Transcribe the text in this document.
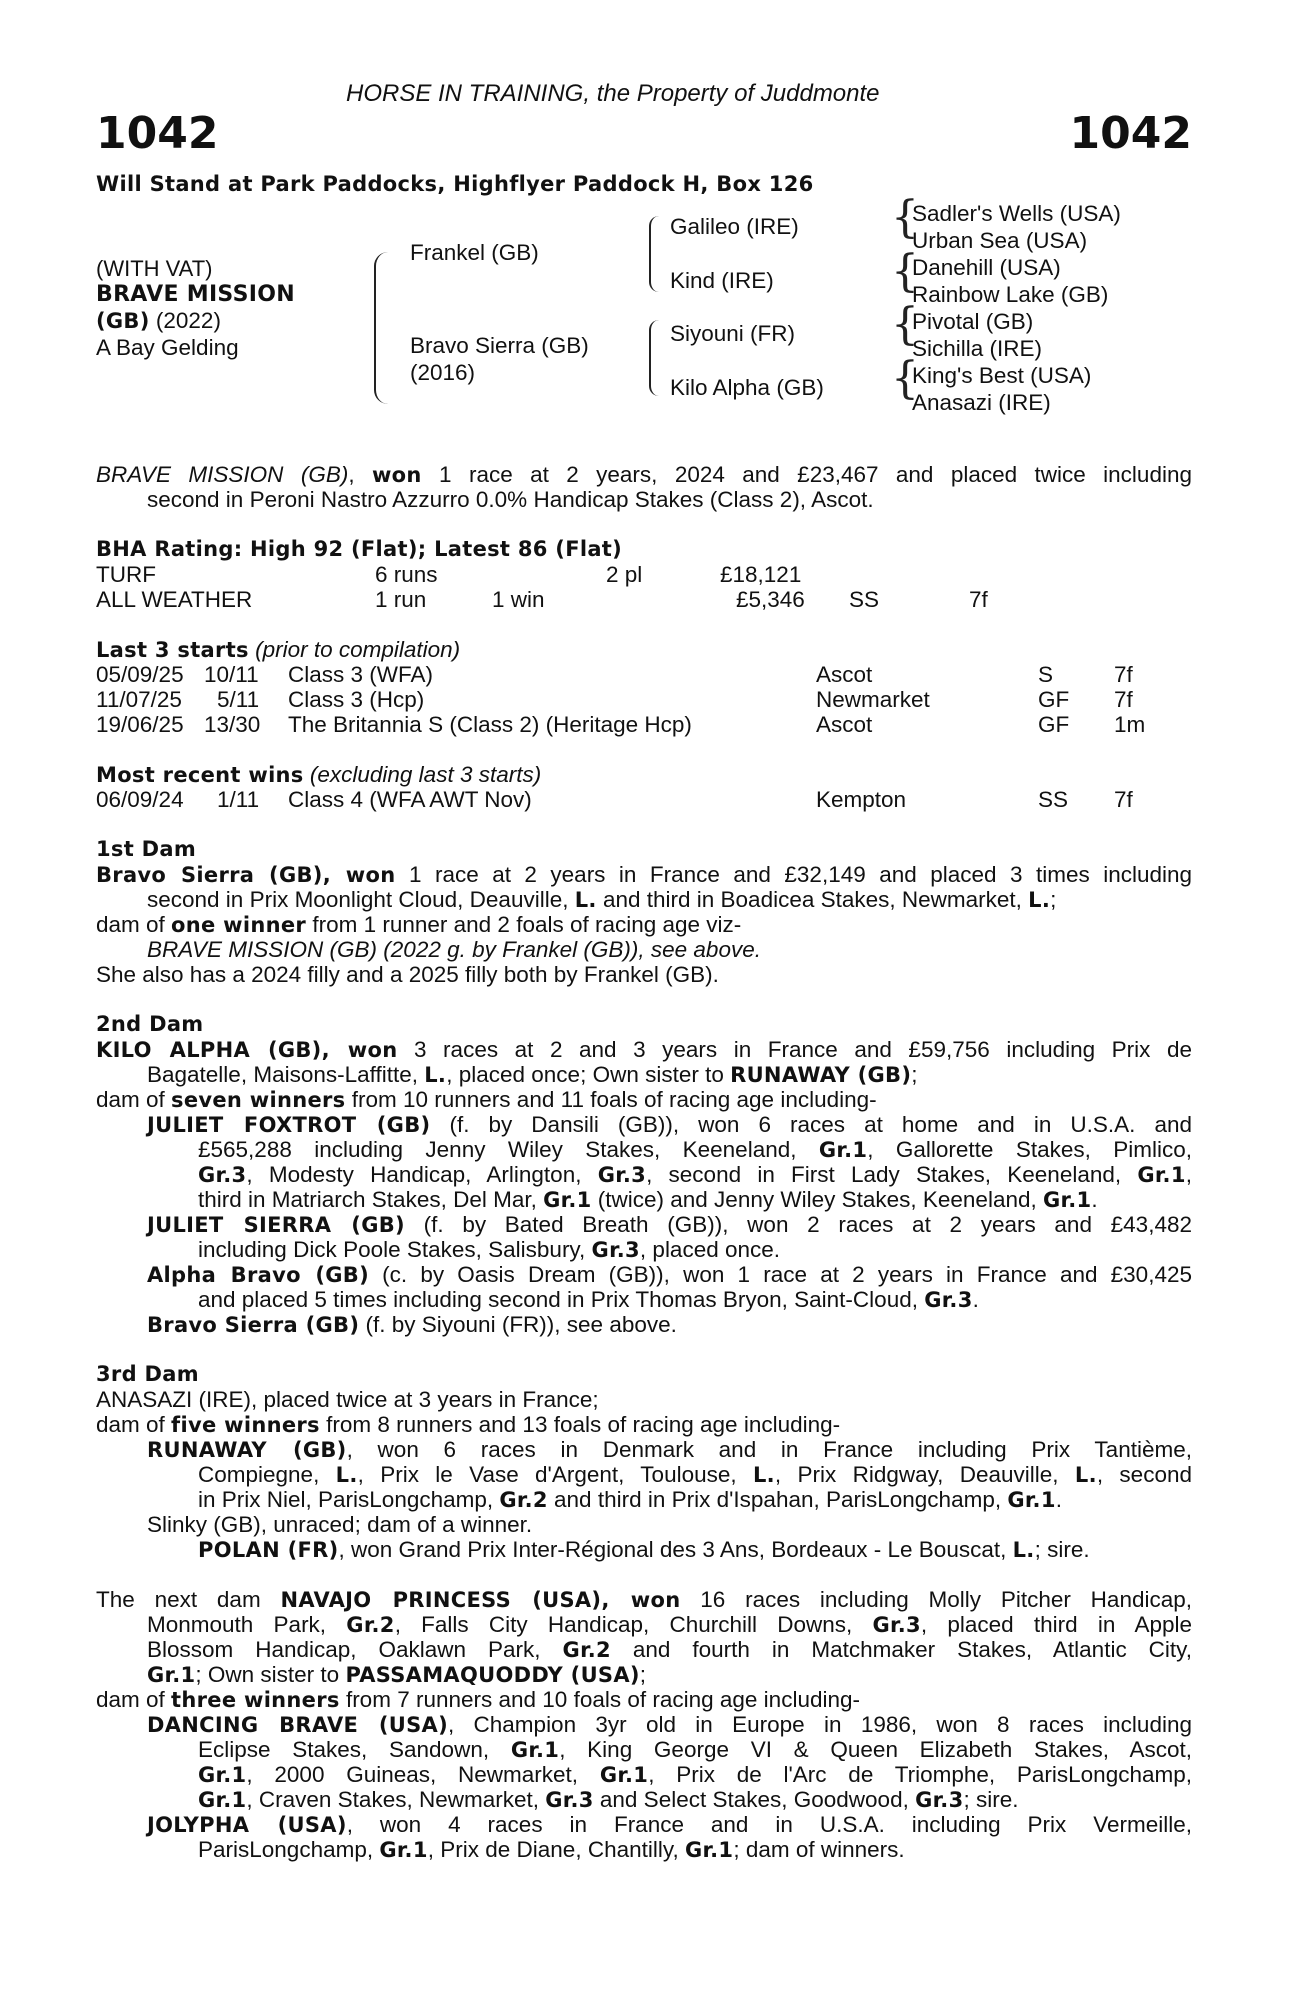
HORSE IN TRAINING, the Property of Juddmonte
1042	1042
Will Stand at Park Paddocks, Highflyer Paddock H, Box 126
(WITH VAT)
BRAVE MISSION
(GB) (2022)
A Bay Gelding
Frankel (GB)
Bravo Sierra (GB)
(2016)
Galileo (IRE)
Kind (IRE)
Siyouni (FR)
Kilo Alpha (GB)
{
{
{
{
Sadler's Wells (USA)
Urban Sea (USA)
Danehill (USA)
Rainbow Lake (GB)
Pivotal (GB)
Sichilla (IRE)
King's Best (USA)
Anasazi (IRE)
BRAVE MISSION (GB), won 1 race at 2 years, 2024 and £23,467 and placed twice including
second in Peroni Nastro Azzurro 0.0% Handicap Stakes (Class 2), Ascot.
BHA Rating: High 92 (Flat); Latest 86 (Flat)
TURF	6 runs	2 pl	£18,121
ALL WEATHER	1 run	1 win	£5,346 SS	7f
Last 3 starts (prior to compilation)
05/09/25 10/11 Class 3 (WFA)	Ascot	S	7f
11/07/25 5/11 Class 3 (Hcp)	Newmarket	GF 7f
19/06/25 13/30 The Britannia S (Class 2) (Heritage Hcp)	Ascot	GF 1m
Most recent wins (excluding last 3 starts)
06/09/24 1/11 Class 4 (WFA AWT Nov)	Kempton	SS 7f
1st Dam
Bravo Sierra (GB), won 1 race at 2 years in France and £32,149 and placed 3 times including
second in Prix Moonlight Cloud, Deauville, L. and third in Boadicea Stakes, Newmarket, L.;
dam of one winner from 1 runner and 2 foals of racing age viz-
BRAVE MISSION (GB) (2022 g. by Frankel (GB)), see above.
She also has a 2024 filly and a 2025 filly both by Frankel (GB).
2nd Dam
KILO ALPHA (GB), won 3 races at 2 and 3 years in France and £59,756 including Prix de
Bagatelle, Maisons-Laffitte, L., placed once; Own sister to RUNAWAY (GB);
dam of seven winners from 10 runners and 11 foals of racing age including-
JULIET FOXTROT (GB) (f. by Dansili (GB)), won 6 races at home and in U.S.A. and
£565,288 including Jenny Wiley Stakes, Keeneland, Gr.1, Gallorette Stakes, Pimlico,
Gr.3, Modesty Handicap, Arlington, Gr.3, second in First Lady Stakes, Keeneland, Gr.1,
third in Matriarch Stakes, Del Mar, Gr.1 (twice) and Jenny Wiley Stakes, Keeneland, Gr.1.
JULIET SIERRA (GB) (f. by Bated Breath (GB)), won 2 races at 2 years and £43,482
including Dick Poole Stakes, Salisbury, Gr.3, placed once.
Alpha Bravo (GB) (c. by Oasis Dream (GB)), won 1 race at 2 years in France and £30,425
and placed 5 times including second in Prix Thomas Bryon, Saint-Cloud, Gr.3.
Bravo Sierra (GB) (f. by Siyouni (FR)), see above.
3rd Dam
ANASAZI (IRE), placed twice at 3 years in France;
dam of five winners from 8 runners and 13 foals of racing age including-
RUNAWAY (GB), won 6 races in Denmark and in France including Prix Tantième,
Compiegne, L., Prix le Vase d'Argent, Toulouse, L., Prix Ridgway, Deauville, L., second
in Prix Niel, ParisLongchamp, Gr.2 and third in Prix d'Ispahan, ParisLongchamp, Gr.1.
Slinky (GB), unraced; dam of a winner.
POLAN (FR), won Grand Prix Inter-Régional des 3 Ans, Bordeaux - Le Bouscat, L.; sire.
The next dam NAVAJO PRINCESS (USA), won 16 races including Molly Pitcher Handicap,
Monmouth Park, Gr.2, Falls City Handicap, Churchill Downs, Gr.3, placed third in Apple
Blossom Handicap, Oaklawn Park, Gr.2 and fourth in Matchmaker Stakes, Atlantic City,
Gr.1; Own sister to PASSAMAQUODDY (USA);
dam of three winners from 7 runners and 10 foals of racing age including-
DANCING BRAVE (USA), Champion 3yr old in Europe in 1986, won 8 races including
Eclipse Stakes, Sandown, Gr.1, King George VI & Queen Elizabeth Stakes, Ascot,
Gr.1, 2000 Guineas, Newmarket, Gr.1, Prix de l'Arc de Triomphe, ParisLongchamp,
Gr.1, Craven Stakes, Newmarket, Gr.3 and Select Stakes, Goodwood, Gr.3; sire.
JOLYPHA (USA), won 4 races in France and in U.S.A. including Prix Vermeille,
ParisLongchamp, Gr.1, Prix de Diane, Chantilly, Gr.1; dam of winners.
